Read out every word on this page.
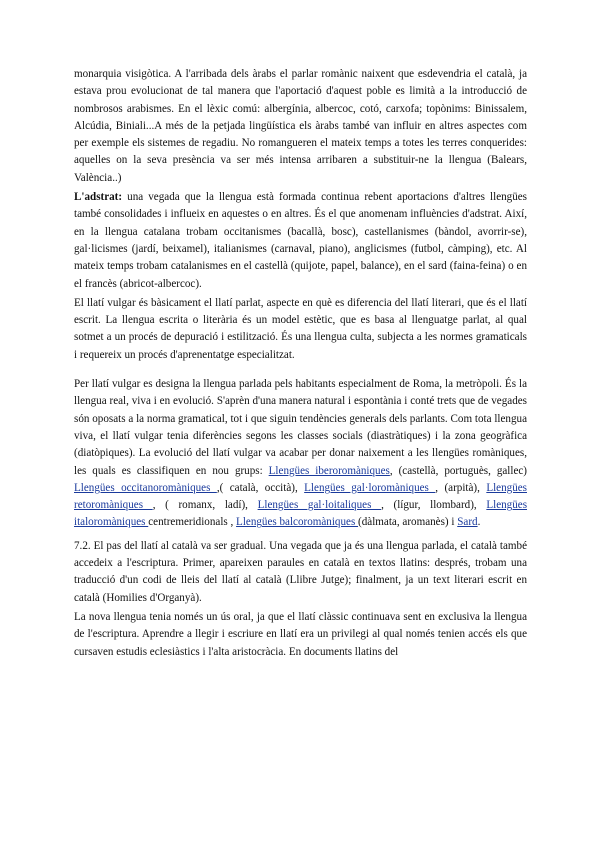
monarquia visigòtica. A l'arribada dels àrabs el parlar romànic naixent que esdevendria el català, ja estava prou evolucionat de tal manera que l'aportació d'aquest poble es limità a la introducció de nombrosos arabismes. En el lèxic comú: albergínia, albercoc, cotó, carxofa; topònims: Binissalem, Alcúdia, Biniali...A més de la petjada lingüística els àrabs també van influir en altres aspectes com per exemple els sistemes de regadiu. No romangueren el mateix temps a totes les terres conquerides: aquelles on la seva presència va ser més intensa arribaren a substituir-ne la llengua (Balears, València..)

L'adstrat: una vegada que la llengua està formada continua rebent aportacions d'altres llengües també consolidades i influeix en aquestes o en altres. És el que anomenam influències d'adstrat. Així, en la llengua catalana trobam occitanismes (bacallà, bosc), castellanismes (bàndol, avorrir-se), gal·licismes (jardí, beixamel), italianismes (carnaval, piano), anglicismes (futbol, càmping), etc. Al mateix temps trobam catalanismes en el castellà (quijote, papel, balance), en el sard (faina-feina) o en el francès (abricot-albercoc).

El llatí vulgar és bàsicament el llatí parlat, aspecte en què es diferencia del llatí literari, que és el llatí escrit. La llengua escrita o literària és un model estètic, que es basa al llenguatge parlat, al qual sotmet a un procés de depuració i estilització. És una llengua culta, subjecta a les normes gramaticals i requereix un procés d'aprenentatge especialitzat.

Per llatí vulgar es designa la llengua parlada pels habitants especialment de Roma, la metròpoli. És la llengua real, viva i en evolució. S'aprèn d'una manera natural i espontània i conté trets que de vegades són oposats a la norma gramatical, tot i que siguin tendències generals dels parlants. Com tota llengua viva, el llatí vulgar tenia diferències segons les classes socials (diastràtiques) i la zona geogràfica (diatòpiques). La evolució del llatí vulgar va acabar per donar naixement a les llengües romàniques, les quals es classifiquen en nou grups: Llengües iberoromàniques, (castellà, portuguès, gallec) Llengües occitanoromàniques ,( català, occità), Llengües gal·loromàniques , (arpità), Llengües retoromàniques , ( romanx, ladí), Llengües gal·loitaliques , (lígur, llombard), Llengües italoromàniques centremeridionals , Llengües balcoromàniques (dàlmata, aromanès) i Sard.

7.2. El pas del llatí al català va ser gradual. Una vegada que ja és una llengua parlada, el català també accedeix a l'escriptura. Primer, apareixen paraules en català en textos llatins: després, trobam una traducció d'un codi de lleis del llatí al català (Llibre Jutge); finalment, ja un text literari escrit en català (Homilies d'Organyà).

La nova llengua tenia només un ús oral, ja que el llatí clàssic continuava sent en exclusiva la llengua de l'escriptura. Aprendre a llegir i escriure en llatí era un privilegi al qual només tenien accés els que cursaven estudis eclesiàstics i l'alta aristocràcia. En documents llatins del
